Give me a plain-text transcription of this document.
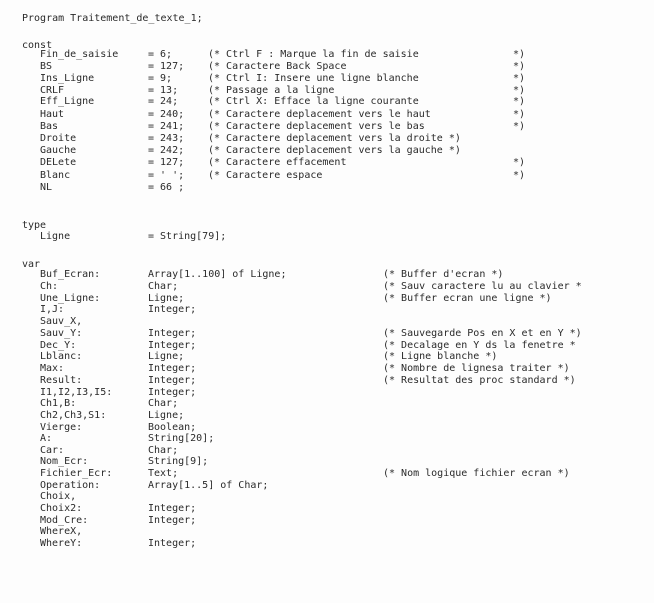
Program Traitement_de_texte_1;
const
Fin_de_saisie	= 6;	(* Ctrl F : Marque la fin de saisie	*)
BS	= 127; (* Caractere Back Space	*)
Ins_Ligne	= 9;	(* Ctrl I: Insere une ligne blanche	*)
CRLF	= 13;	(* Passage a la ligne	*)
Eff_Ligne	= 24;	(* Ctrl X: Efface la ligne courante	*)
Haut	= 240; (* Caractere deplacement vers le haut	*)
Bas	= 241; (* Caractere deplacement vers le bas	*)
Droite	= 243; (* Caractere deplacement vers la droite *)
Gauche	= 242; (* Caractere deplacement vers la gauche *)
DELete	= 127; (* Caractere effacement	*)
Blanc	= ' '; (* Caractere espace	*)
NL	= 66 ;
type
Ligne	= String[79];
var
Buf_Ecran:	Array[1..100] of Ligne;	(* Buffer d'ecran *)
Ch:	Char;	(* Sauv caractere lu au clavier *
Une_Ligne:	Ligne;	(* Buffer ecran une ligne *)
I,J:	Integer;
Sauv_X,
Sauv_Y:	Integer;	(* Sauvegarde Pos en X et en Y *)
Dec_Y:	Integer;	(* Decalage en Y ds la fenetre *
Lblanc:	Ligne;	(* Ligne blanche *)
Max:	Integer;	(* Nombre de lignesa traiter *)
Result:	Integer;	(* Resultat des proc standard *)
I1,I2,I3,I5:	Integer;
Ch1,B:	Char;
Ch2,Ch3,S1:	Ligne;
Vierge:	Boolean;
A:	String[20];
Car:	Char;
Nom_Ecr:	String[9];
Fichier_Ecr:	Text;	(* Nom logique fichier ecran *)
Operation:	Array[1..5] of Char;
Choix,
Choix2:	Integer;
Mod_Cre:	Integer;
WhereX,
WhereY:	Integer;
